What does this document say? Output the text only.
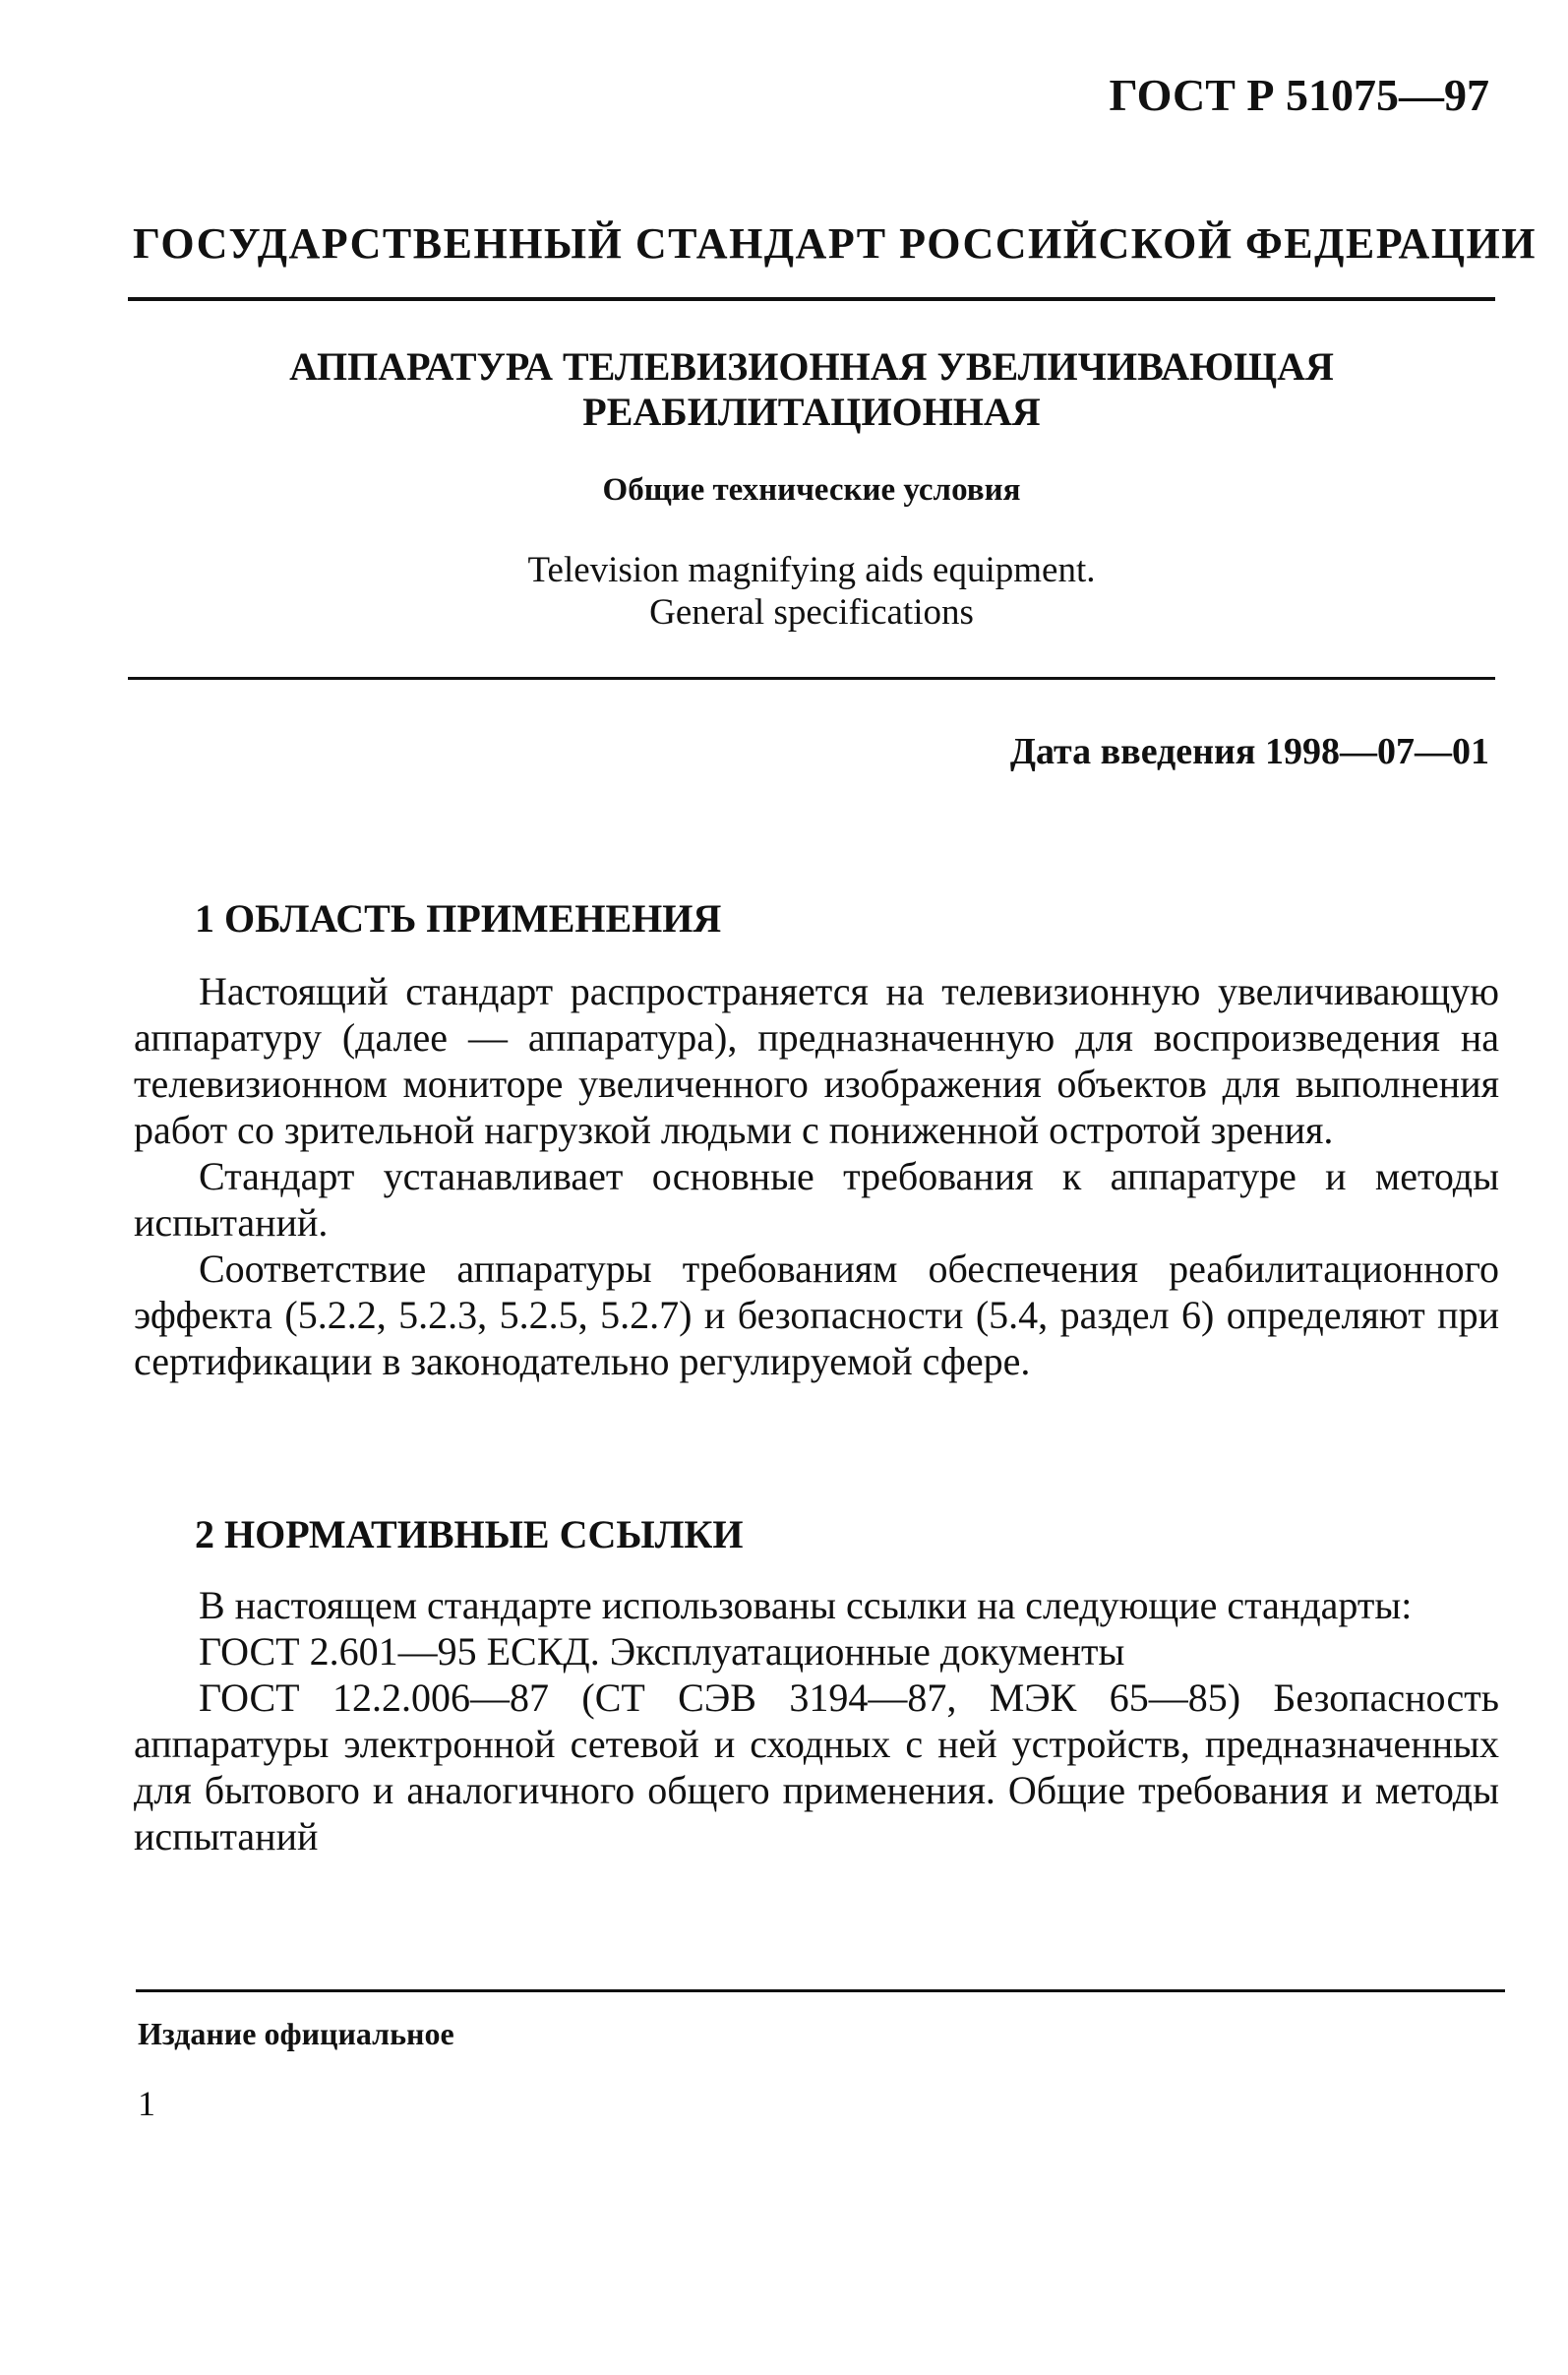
ГОСТ Р 51075—97
ГОСУДАРСТВЕННЫЙ СТАНДАРТ РОССИЙСКОЙ ФЕДЕРАЦИИ
АППАРАТУРА ТЕЛЕВИЗИОННАЯ УВЕЛИЧИВАЮЩАЯ
РЕАБИЛИТАЦИОННАЯ
Общие технические условия
Television magnifying aids equipment.
General specifications
Дата введения 1998—07—01
1 ОБЛАСТЬ ПРИМЕНЕНИЯ

Настоящий стандарт распространяется на телевизионную увеличивающую аппаратуру (далее — аппаратура), предназначенную для воспроизведения на телевизионном мониторе увеличенного изображения объектов для выполнения работ со зрительной нагрузкой людьми с пониженной остротой зрения.

Стандарт устанавливает основные требования к аппаратуре и методы испытаний.

Соответствие аппаратуры требованиям обеспечения реабилитационного эффекта (5.2.2, 5.2.3, 5.2.5, 5.2.7) и безопасности (5.4, раздел 6) определяют при сертификации в законодательно регулируемой сфере.

2 НОРМАТИВНЫЕ ССЫЛКИ

В настоящем стандарте использованы ссылки на следующие стандарты:

ГОСТ 2.601—95 ЕСКД. Эксплуатационные документы

ГОСТ 12.2.006—87 (СТ СЭВ 3194—87, МЭК 65—85) Безопасность аппаратуры электронной сетевой и сходных с ней устройств, предназначенных для бытового и аналогичного общего применения. Общие требования и методы испытаний

Издание официальное
1
